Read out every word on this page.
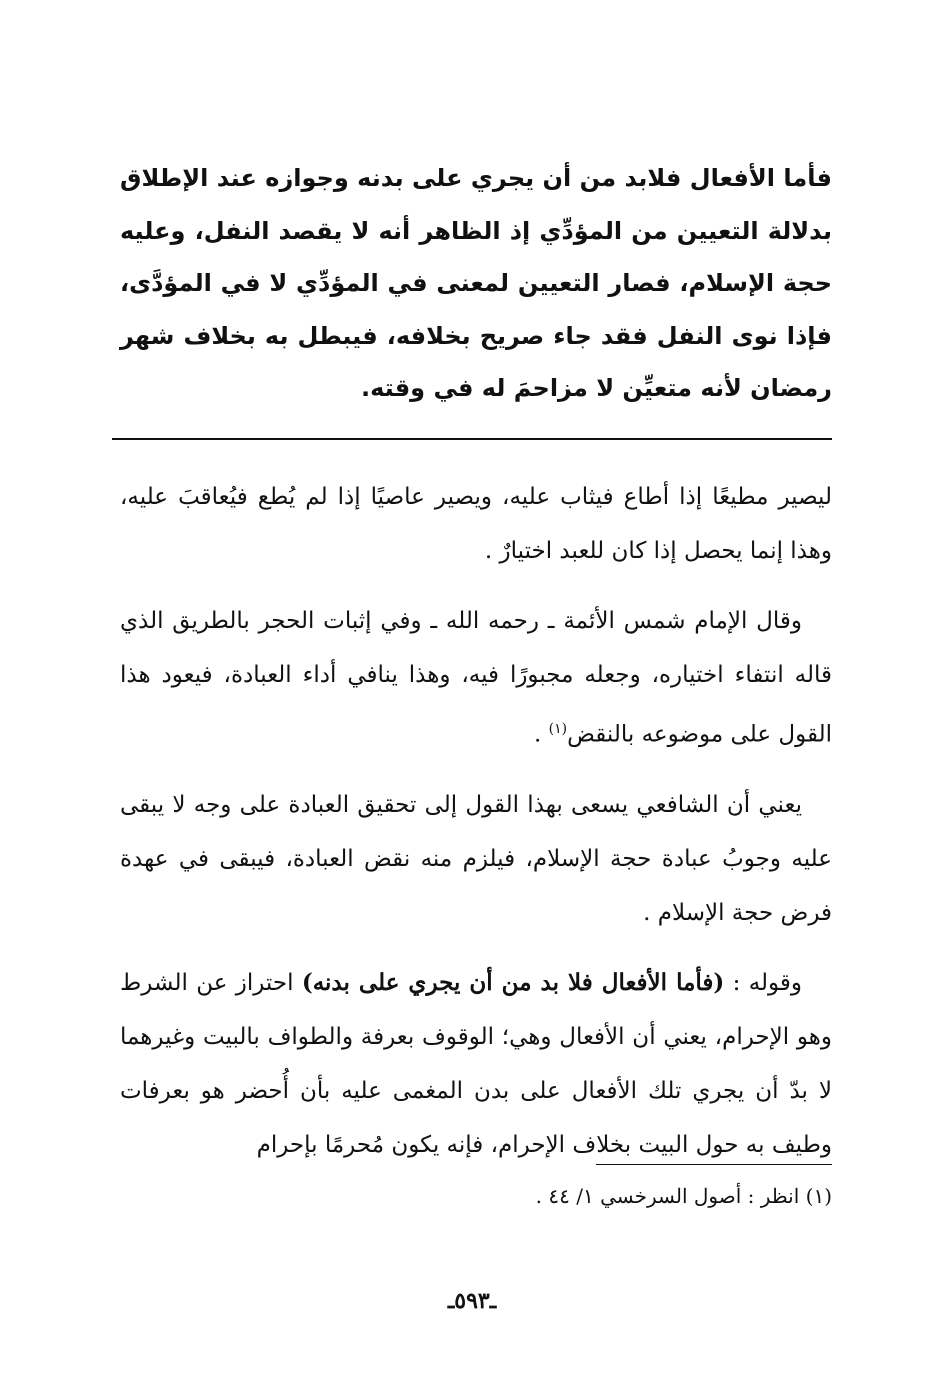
فأما الأفعال فلابد من أن يجري على بدنه وجوازه عند الإطلاق بدلالة التعيين من المؤدِّي إذ الظاهر أنه لا يقصد النفل، وعليه حجة الإسلام، فصار التعيين لمعنى في المؤدِّي لا في المؤدَّى، فإذا نوى النفل فقد جاء صريح بخلافه، فيبطل به بخلاف شهر رمضان لأنه متعيِّن لا مزاحمَ له في وقته.

ليصير مطيعًا إذا أطاع فيثاب عليه، ويصير عاصيًا إذا لم يُطع فيُعاقبَ عليه، وهذا إنما يحصل إذا كان للعبد اختيارٌ .

وقال الإمام شمس الأئمة ـ رحمه الله ـ وفي إثبات الحجر بالطريق الذي قاله انتفاء اختياره، وجعله مجبورًا فيه، وهذا ينافي أداء العبادة، فيعود هذا القول على موضوعه بالنقض$^{(١)}$ .

يعني أن الشافعي يسعى بهذا القول إلى تحقيق العبادة على وجه لا يبقى عليه وجوبُ عبادة حجة الإسلام، فيلزم منه نقض العبادة، فيبقى في عهدة فرض حجة الإسلام .

وقوله : (فأما الأفعال فلا بد من أن يجري على بدنه) احتراز عن الشرط وهو الإحرام، يعني أن الأفعال وهي؛ الوقوف بعرفة والطواف بالبيت وغيرهما لا بدّ أن يجري تلك الأفعال على بدن المغمى عليه بأن أُحضر هو بعرفات وطيف به حول البيت بخلاف الإحرام، فإنه يكون مُحرمًا بإحرام

(١) انظر : أصول السرخسي ١/ ٤٤ .
ـ٥٩٣ـ
